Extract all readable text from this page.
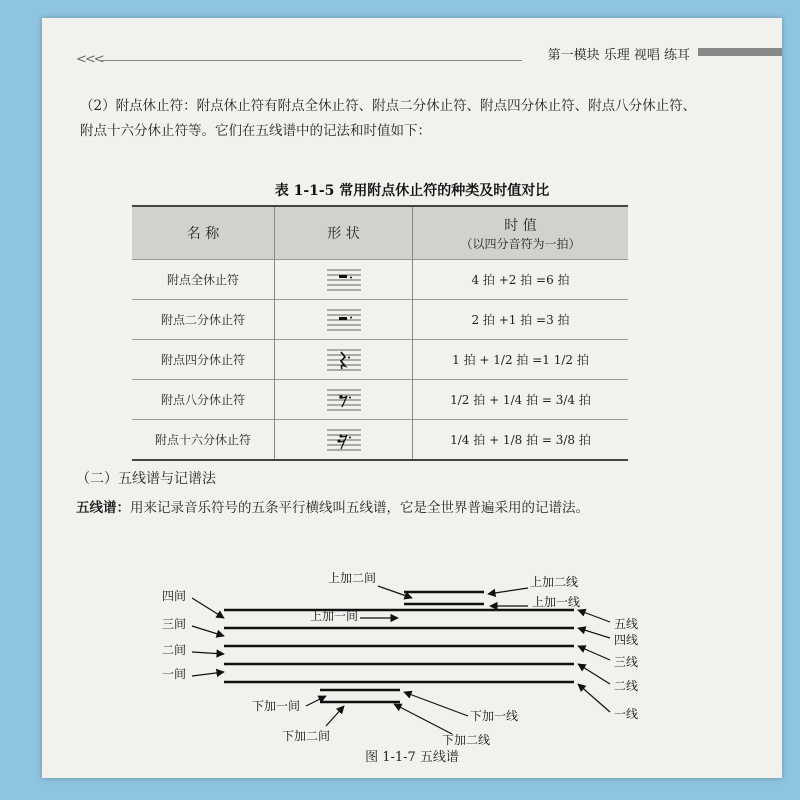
<<<	第一模块 乐理 视唱 练耳
（2）附点休止符：附点休止符有附点全休止符、附点二分休止符、附点四分休止符、附点八分休止符、
附点十六分休止符等。它们在五线谱中的记法和时值如下：
表 1-1-5 常用附点休止符的种类及时值对比
名 称	形 状	时 值
（以四分音符为一拍）

附点全休止符		4 拍 +2 拍 =6 拍
附点二分休止符		2 拍 +1 拍 =3 拍
附点四分休止符		1 拍 + 1/2 拍 =1 1/2 拍
附点八分休止符		1/2 拍 + 1/4 拍 = 3/4 拍
附点十六分休止符		1/4 拍 + 1/8 拍 = 3/8 拍
（二）五线谱与记谱法
五线谱：用来记录音乐符号的五条平行横线叫五线谱，它是全世界普遍采用的记谱法。
上加二间	上加二线
上加一线
上加一间
四间
三间
二间
一间
五线
四线
三线
二线
一线
下加一间
下加一线
下加二间	下加二线
图 1-1-7 五线谱
